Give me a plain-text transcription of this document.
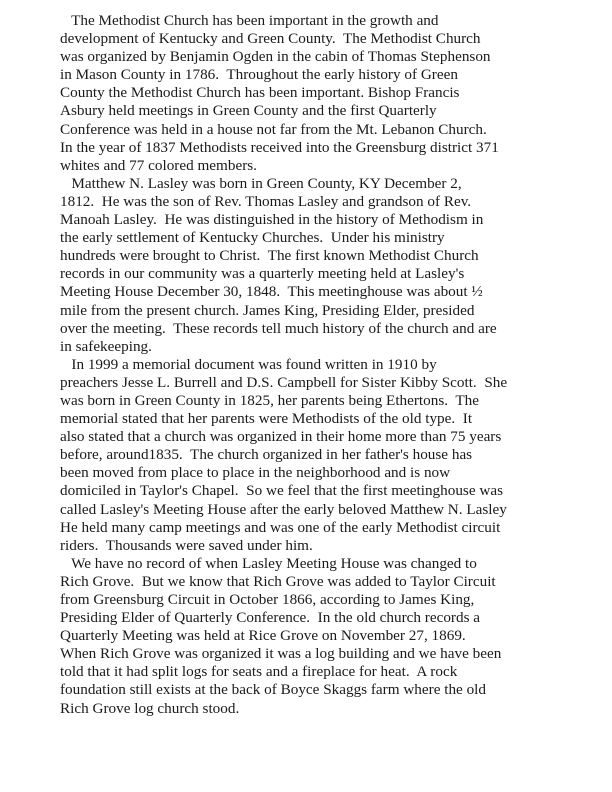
The Methodist Church has been important in the growth and
development of Kentucky and Green County.  The Methodist Church
was organized by Benjamin Ogden in the cabin of Thomas Stephenson
in Mason County in 1786.  Throughout the early history of Green
County the Methodist Church has been important. Bishop Francis
Asbury held meetings in Green County and the first Quarterly
Conference was held in a house not far from the Mt. Lebanon Church.
In the year of 1837 Methodists received into the Greensburg district 371
whites and 77 colored members.
Matthew N. Lasley was born in Green County, KY December 2,
1812.  He was the son of Rev. Thomas Lasley and grandson of Rev.
Manoah Lasley.  He was distinguished in the history of Methodism in
the early settlement of Kentucky Churches.  Under his ministry
hundreds were brought to Christ.  The first known Methodist Church
records in our community was a quarterly meeting held at Lasley's
Meeting House December 30, 1848.  This meetinghouse was about ½
mile from the present church. James King, Presiding Elder, presided
over the meeting.  These records tell much history of the church and are
in safekeeping.
In 1999 a memorial document was found written in 1910 by
preachers Jesse L. Burrell and D.S. Campbell for Sister Kibby Scott.  She
was born in Green County in 1825, her parents being Ethertons.  The
memorial stated that her parents were Methodists of the old type.  It
also stated that a church was organized in their home more than 75 years
before, around1835.  The church organized in her father's house has
been moved from place to place in the neighborhood and is now
domiciled in Taylor's Chapel.  So we feel that the first meetinghouse was
called Lasley's Meeting House after the early beloved Matthew N. Lasley
He held many camp meetings and was one of the early Methodist circuit
riders.  Thousands were saved under him.
We have no record of when Lasley Meeting House was changed to
Rich Grove.  But we know that Rich Grove was added to Taylor Circuit
from Greensburg Circuit in October 1866, according to James King,
Presiding Elder of Quarterly Conference.  In the old church records a
Quarterly Meeting was held at Rice Grove on November 27, 1869.
When Rich Grove was organized it was a log building and we have been
told that it had split logs for seats and a fireplace for heat.  A rock
foundation still exists at the back of Boyce Skaggs farm where the old
Rich Grove log church stood.
